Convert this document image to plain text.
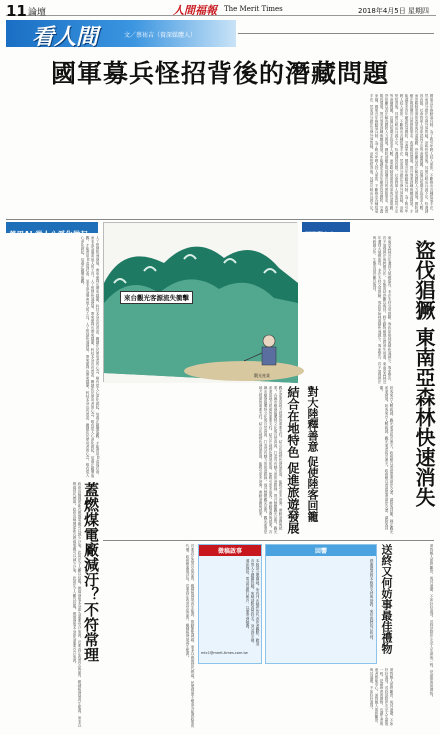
11 論壇	人間福報 The Merit Times	2018年4月5日 星期四
看人間	文／蔡祐吉（資深媒體人）
國軍募兵怪招背後的潛藏問題
國軍近年推動募兵制，為了吸引年輕人投入軍旅，不斷推出各種招募手法，然而部分做法引發外界質疑。這些怪招背後，其實反映出兵源不足、待遇誘因有限、社會對軍人形象認同不足等深層問題。若僅以短期手段追求人數，而忽略制度面的改革與長遠規劃，恐怕難以真正解決國防人力困境。國防部應正視基層官兵的實際需求，改善服役環境，提升專業訓練與職涯發展，才能讓更多青年願意投身國防，守護家園。國軍近年推動募兵制，為了吸引年輕人投入軍旅，不斷推出各種招募手法，然而部分做法引發外界質疑。這些怪招背後，其實反映出兵源不足、待遇誘因有限、社會對軍人形象認同不足等深層問題。若僅以短期手段追求人數，而忽略制度面的改革與長遠規劃，恐怕難以真正解決國防人力困境。國防部應正視基層官兵的實際需求，改善服役環境，提升專業訓練與職涯發展，才能讓更多青年願意投身國防，守護家園。國軍近年推動募兵制，為了吸引年輕人投入軍旅，不斷推出各種招募手法，然而部分做法引發外界質疑。這些怪招背後，其實反映出兵源不足。
善用AI 從人心淨化做起
人工智慧快速發展，帶來便利也帶來隱憂。科技本身沒有善惡，關鍵在於使用者的心念。唯有從人心淨化做起，培養正確價值觀，才能善用AI造福社會，而非成為傷害他人的工具。人工智慧快速發展，帶來便利也帶來隱憂。科技本身沒有善惡，關鍵在於使用者的心念。唯有從人心淨化做起，培養正確價值觀，才能善用AI造福社會，而非成為傷害他人的工具。人工智慧快速發展，帶來便利也帶來隱憂。科技本身沒有善惡，關鍵在於使用者的心念。唯有從人心淨化做起，培養正確價值觀。
來台觀光客源流失衝擊
觀光產業
國際觀察台
東南亞森林近年遭到大規模盜伐，非法木材交易猖獗，導致原始林面積快速減少。專家警告，若不加強執法與跨國合作，生態浩劫恐難以挽回，野生動物棲地也將消失殆盡。東南亞森林近年遭到大規模盜伐，非法木材交易猖獗，導致原始林面積快速減少。專家警告，若不加強執法與跨國合作，生態浩劫恐難以挽回。	盜伐猖獗 東南亞森林快速消失
結合在地特色 促進旅遊發展
觀光產業是地方經濟的重要支柱，結合在地特色發展旅遊，能吸引更多遊客，帶動消費與就業。各縣市應發掘獨特文化與自然資源，打造具有魅力的旅遊路線，提升整體觀光品質。觀光產業是地方經濟的重要支柱，結合在地特色發展旅遊，能吸引更多遊客，帶動消費與就業。各縣市應發掘獨特文化與自然資源，打造具有魅力的旅遊路線，提升整體觀光品質。觀光產業是地方經濟的重要支柱，結合在地特色發展旅遊，能吸引更多遊客，帶動消費與就業。	對大陸釋善意 促使陸客回籠	陸客來台人數銳減，觀光業者叫苦連天。政府應以善意促進兩岸交流，讓陸客回籠，穩定觀光產業發展。陸客來台人數銳減，觀光業者叫苦連天。政府應以善意促進兩岸交流，讓陸客回籠。
蓋燃煤電廠減汙？不符常理
政府宣稱興建新式燃煤電廠可以減少汙染，此說法令人難以信服。燃煤發電本身即為重要空汙來源，若要真正改善空氣品質，應積極發展再生能源，而非以燃煤替代燃煤。政府宣稱興建新式燃煤電廠可以減少汙染，此說法令人難以信服。燃煤發電本身即為重要空汙來源。	若要真正改善空氣品質，應積極發展再生能源，推動節能減碳，而非以燃煤替代燃煤。民眾健康不應成為能源政策的代價，政府應審慎評估。若要真正改善空氣品質，應積極發展再生能源。	徵稿啟事
本版是公眾園地，所有刊出稿件皆代表作者觀點，歡迎各界人士踴躍投稿。來稿請附真實姓名、身分證字號、通訊地址、電話及銀行帳戶，以便寄發稿費。
mtc1@merit-times.com.tw
回響
感謝讀者對本版的支持與指教，來信我們均已收到。 送終又何妨事最佳禮物	面對親人即將離世，與其迴避，不如好好道別。送終是陪伴走完人生最後一程，是最珍貴的禮物。
面對親人即將離世，與其迴避，不如好好道別。送終是陪伴走完人生最後一程，是最珍貴的禮物，也讓生者與逝者都能安心。面對親人即將離世，與其迴避，不如好好道別。
